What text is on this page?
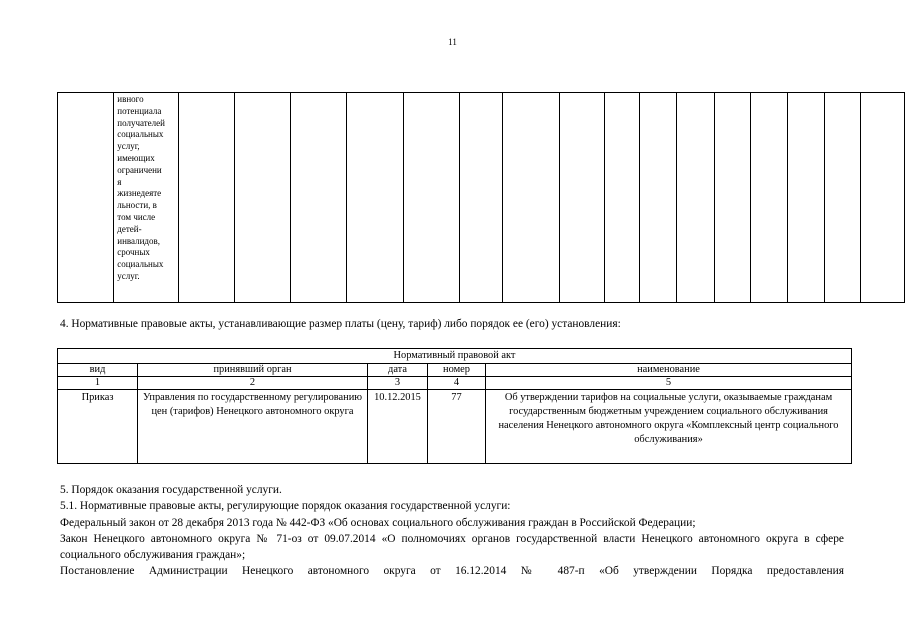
11
	ивного
потенциала
получателей
социальных
услуг,
имеющих
ограничени
я
жизнедеяте
льности, в
том числе
детей-
инвалидов,
срочных
социальных
услуг.																
4. Нормативные правовые акты, устанавливающие размер платы (цену, тариф) либо порядок ее (его) установления:
Нормативный правовой акт				
вид	принявший орган	дата	номер	наименование
1	2	3	4	5
Приказ	Управления по государственному регулированию цен (тарифов) Ненецкого автономного округа	10.12.2015	77	Об утверждении тарифов на социальные услуги, оказываемые гражданам государственным бюджетным учреждением социального обслуживания населения Ненецкого автономного округа «Комплексный центр социального обслуживания»

5. Порядок оказания государственной услуги.

5.1. Нормативные правовые акты, регулирующие порядок оказания государственной услуги:

Федеральный закон от 28 декабря 2013 года № 442-ФЗ «Об основах социального обслуживания граждан в Российской Федерации;

Закон Ненецкого автономного округа № 71-оз от 09.07.2014 «О полномочиях органов государственной власти Ненецкого автономного округа в сфере социального обслуживания граждан»;

Постановление Администрации Ненецкого автономного округа от 16.12.2014 № 487-п «Об утверждении Порядка предоставления
